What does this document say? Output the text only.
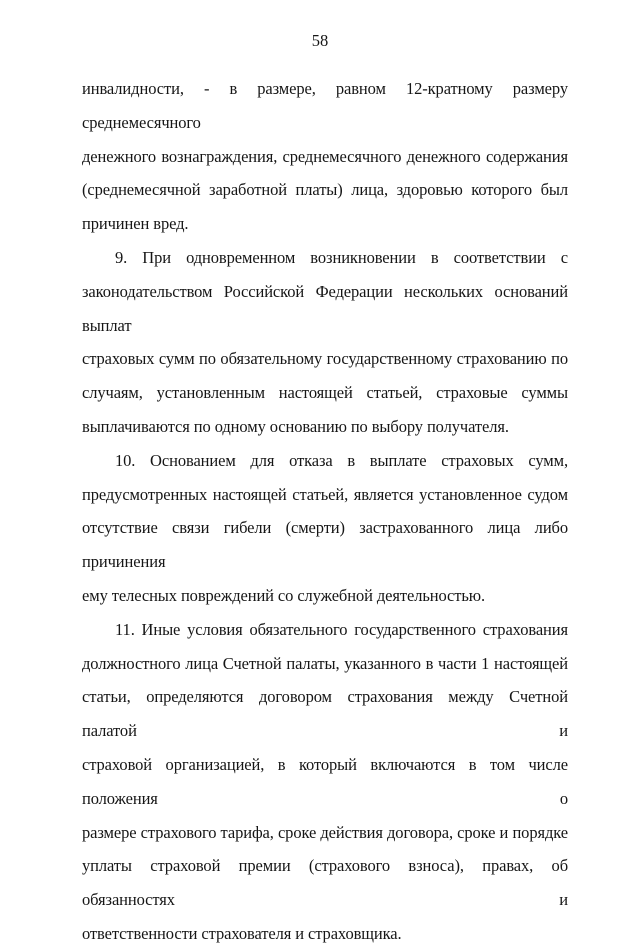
58
инвалидности, - в размере, равном 12-кратному размеру среднемесячного
денежного вознаграждения, среднемесячного денежного содержания
(среднемесячной заработной платы) лица, здоровью которого был
причинен вред.
9. При одновременном возникновении в соответствии с
законодательством Российской Федерации нескольких оснований выплат
страховых сумм по обязательному государственному страхованию по
случаям, установленным настоящей статьей, страховые суммы
выплачиваются по одному основанию по выбору получателя.
10. Основанием для отказа в выплате страховых сумм,
предусмотренных настоящей статьей, является установленное судом
отсутствие связи гибели (смерти) застрахованного лица либо причинения
ему телесных повреждений со служебной деятельностью.
11. Иные условия обязательного государственного страхования
должностного лица Счетной палаты, указанного в части 1 настоящей
статьи, определяются договором страхования между Счетной палатой и
страховой организацией, в который включаются в том числе положения о
размере страхового тарифа, сроке действия договора, сроке и порядке
уплаты страховой премии (страхового взноса), правах, об обязанностях и
ответственности страхователя и страховщика.
